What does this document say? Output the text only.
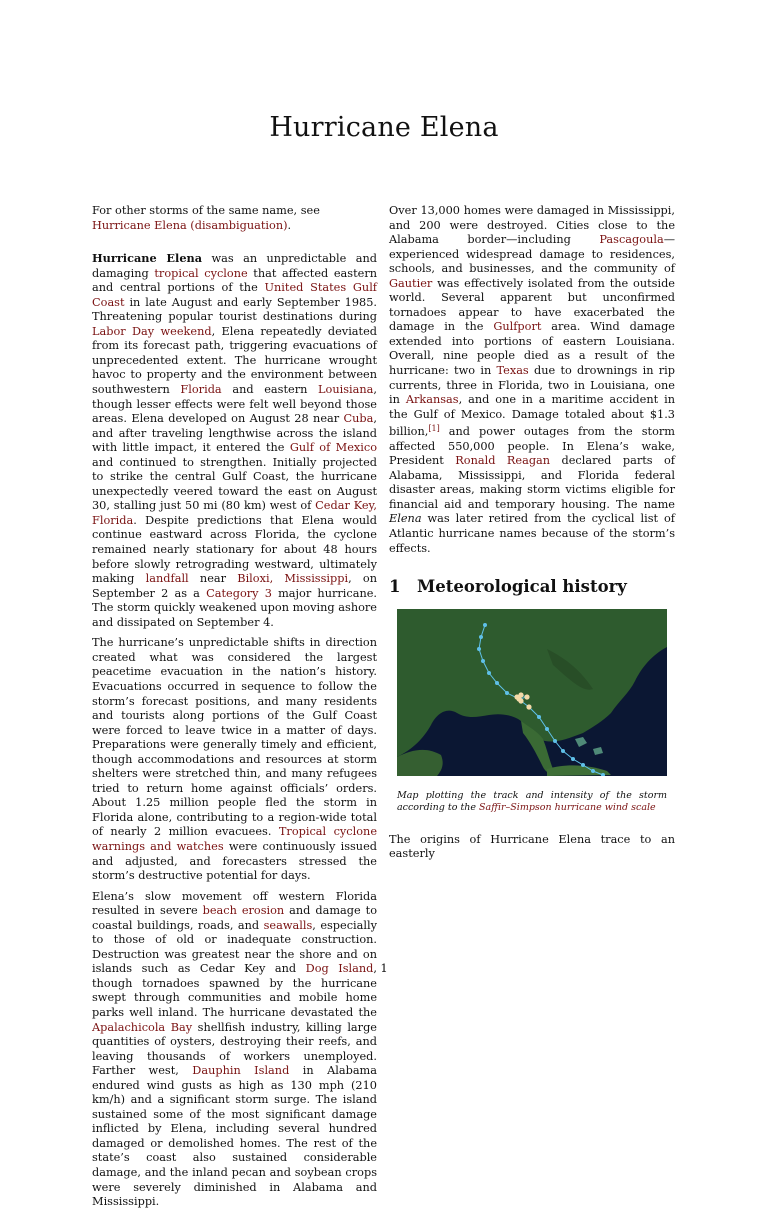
Hurricane Elena

For other storms of the same name, see Hurricane Elena (disambiguation).

Hurricane Elena was an unpredictable and damaging tropical cyclone that affected eastern and central portions of the United States Gulf Coast in late August and early September 1985. Threatening popular tourist destinations during Labor Day weekend, Elena repeatedly deviated from its forecast path, triggering evacuations of unprecedented extent. The hurricane wrought havoc to property and the environment between southwestern Florida and eastern Louisiana, though lesser effects were felt well beyond those areas. Elena developed on August 28 near Cuba, and after traveling lengthwise across the island with little impact, it entered the Gulf of Mexico and continued to strengthen. Initially projected to strike the central Gulf Coast, the hurricane unexpectedly veered toward the east on August 30, stalling just 50 mi (80 km) west of Cedar Key, Florida. Despite predictions that Elena would continue eastward across Florida, the cyclone remained nearly stationary for about 48 hours before slowly retrograding westward, ultimately making landfall near Biloxi, Mississippi, on September 2 as a Category 3 major hurricane. The storm quickly weakened upon moving ashore and dissipated on September 4.

The hurricane’s unpredictable shifts in direction created what was considered the largest peacetime evacuation in the nation’s history. Evacuations occurred in sequence to follow the storm’s forecast positions, and many residents and tourists along portions of the Gulf Coast were forced to leave twice in a matter of days. Preparations were generally timely and efficient, though accommodations and resources at storm shelters were stretched thin, and many refugees tried to return home against officials’ orders. About 1.25 million people fled the storm in Florida alone, contributing to a region-wide total of nearly 2 million evacuees. Tropical cyclone warnings and watches were continuously issued and adjusted, and forecasters stressed the storm’s destructive potential for days.

Elena’s slow movement off western Florida resulted in severe beach erosion and damage to coastal buildings, roads, and seawalls, especially to those of old or inadequate construction. Destruction was greatest near the shore and on islands such as Cedar Key and Dog Island, though tornadoes spawned by the hurricane swept through communities and mobile home parks well inland. The hurricane devastated the Apalachicola Bay shellfish industry, killing large quantities of oysters, destroying their reefs, and leaving thousands of workers unemployed. Farther west, Dauphin Island in Alabama endured wind gusts as high as 130 mph (210 km/h) and a significant storm surge. The island sustained some of the most significant damage inflicted by Elena, including several hundred damaged or demolished homes. The rest of the state’s coast also sustained considerable damage, and the inland pecan and soybean crops were severely diminished in Alabama and Mississippi.

Over 13,000 homes were damaged in Mississippi, and 200 were destroyed. Cities close to the Alabama border—including Pascagoula—experienced widespread damage to residences, schools, and businesses, and the community of Gautier was effectively isolated from the outside world. Several apparent but unconfirmed tornadoes appear to have exacerbated the damage in the Gulfport area. Wind damage extended into portions of eastern Louisiana. Overall, nine people died as a result of the hurricane: two in Texas due to drownings in rip currents, three in Florida, two in Louisiana, one in Arkansas, and one in a maritime accident in the Gulf of Mexico. Damage totaled about $1.3 billion,[1] and power outages from the storm affected 550,000 people. In Elena’s wake, President Ronald Reagan declared parts of Alabama, Mississippi, and Florida federal disaster areas, making storm victims eligible for financial aid and temporary housing. The name Elena was later retired from the cyclical list of Atlantic hurricane names because of the storm’s effects.

1	Meteorological history
Map plotting the track and intensity of the storm according to the Saffir–Simpson hurricane wind scale

The origins of Hurricane Elena trace to an easterly

1
